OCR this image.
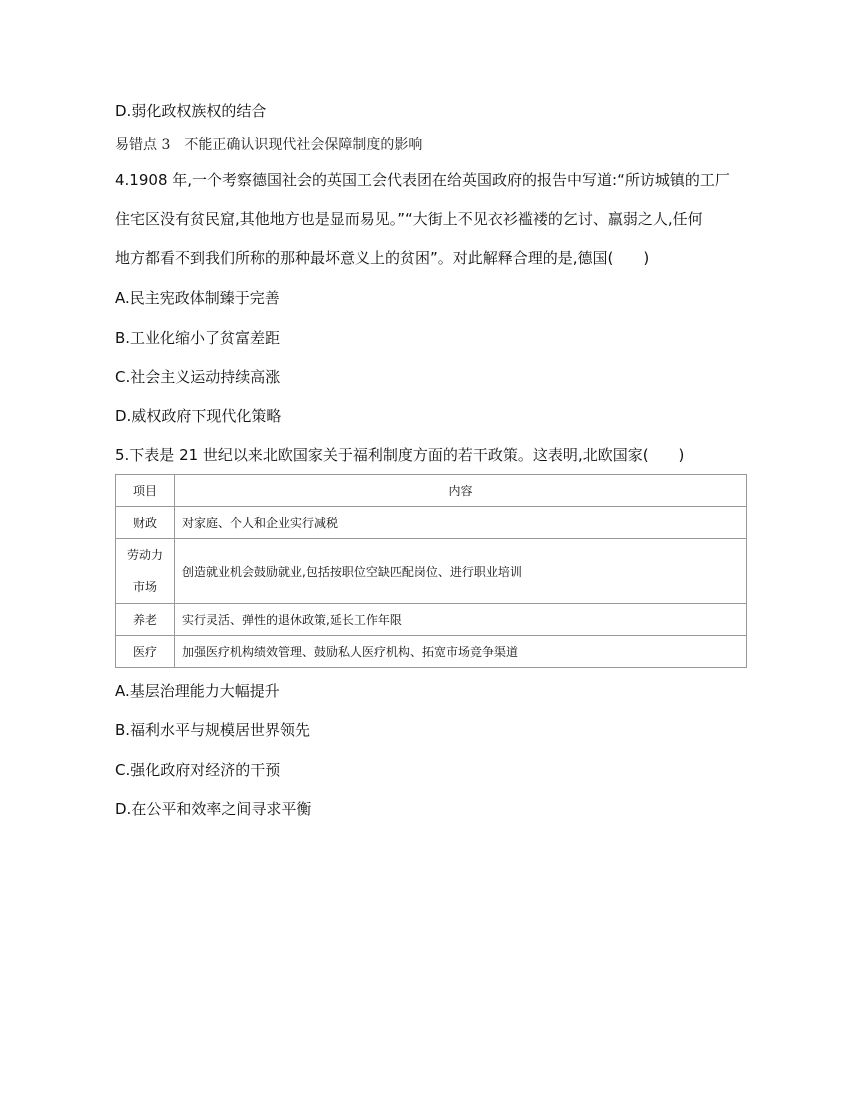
D.弱化政权族权的结合
易错点 3　不能正确认识现代社会保障制度的影响
4.1908 年,一个考察德国社会的英国工会代表团在给英国政府的报告中写道:“所访城镇的工厂
住宅区没有贫民窟,其他地方也是显而易见。”“大街上不见衣衫褴褛的乞讨、羸弱之人,任何
地方都看不到我们所称的那种最坏意义上的贫困”。对此解释合理的是,德国(　　)
A.民主宪政体制臻于完善
B.工业化缩小了贫富差距
C.社会主义运动持续高涨
D.威权政府下现代化策略
5.下表是 21 世纪以来北欧国家关于福利制度方面的若干政策。这表明,北欧国家(　　)
项目	内容
财政	对家庭、个人和企业实行减税

劳动力
市场	创造就业机会鼓励就业,包括按职位空缺匹配岗位、进行职业培训
养老	实行灵活、弹性的退休政策,延长工作年限
医疗	加强医疗机构绩效管理、鼓励私人医疗机构、拓宽市场竞争渠道
A.基层治理能力大幅提升
B.福利水平与规模居世界领先
C.强化政府对经济的干预
D.在公平和效率之间寻求平衡
